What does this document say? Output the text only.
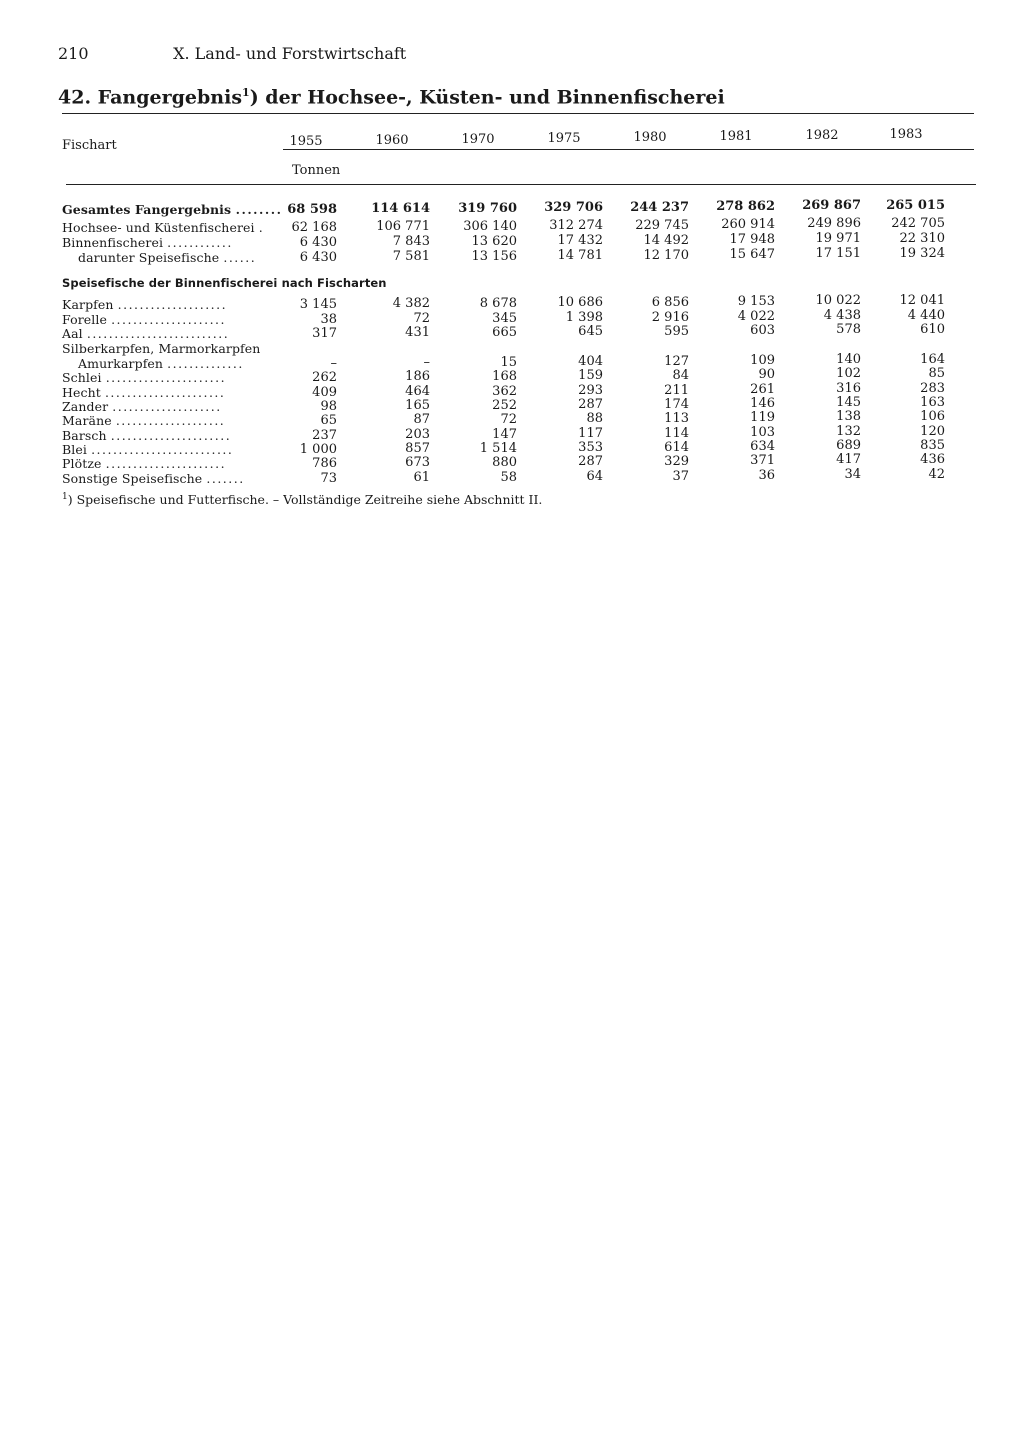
210	X. Land- und Forstwirtschaft
42. Fangergebnis$^1$) der Hochsee-, Küsten- und Binnenfischerei
Fischart	1955	1960	1970	1975	1980	1981	1982	1983
Tonnen
Gesamtes Fangergebnis ........ 68 598	114 614	319 760	329 706	244 237	278 862	269 867	265 015
Hochsee- und Küstenfischerei .	62 168	106 771	306 140	312 274	229 745	260 914	249 896	242 705
Binnenfischerei ............	6 430	7 843	13 620	17 432	14 492	17 948	19 971	22 310
darunter Speisefische ......	6 430	7 581	13 156	14 781	12 170	15 647	17 151	19 324
Speisefische der Binnenfischerei nach Fischarten
Karpfen ....................	3 145	4 382	8 678	10 686	6 856	9 153	10 022	12 041
Forelle .....................	38	72	345	1 398	2 916	4 022	4 438	4 440
Aal ..........................	317	431	665	645	595	603	578	610
Silberkarpfen, Marmorkarpfen
Amurkarpfen ..............	–	–	15	404	127	109	140	164
Schlei ......................	262	186	168	159	84	90	102	85
Hecht ......................	409	464	362	293	211	261	316	283
Zander ....................	98	165	252	287	174	146	145	163
Maräne ....................	65	87	72	88	113	119	138	106
Barsch ......................	237	203	147	117	114	103	132	120
Blei ..........................	1 000	857	1 514	353	614	634	689	835
Plötze ......................	786	673	880	287	329	371	417	436
Sonstige Speisefische .......	73	61	58	64	37	36	34	42
$^1$) Speisefische und Futterfische. – Vollständige Zeitreihe siehe Abschnitt II.
